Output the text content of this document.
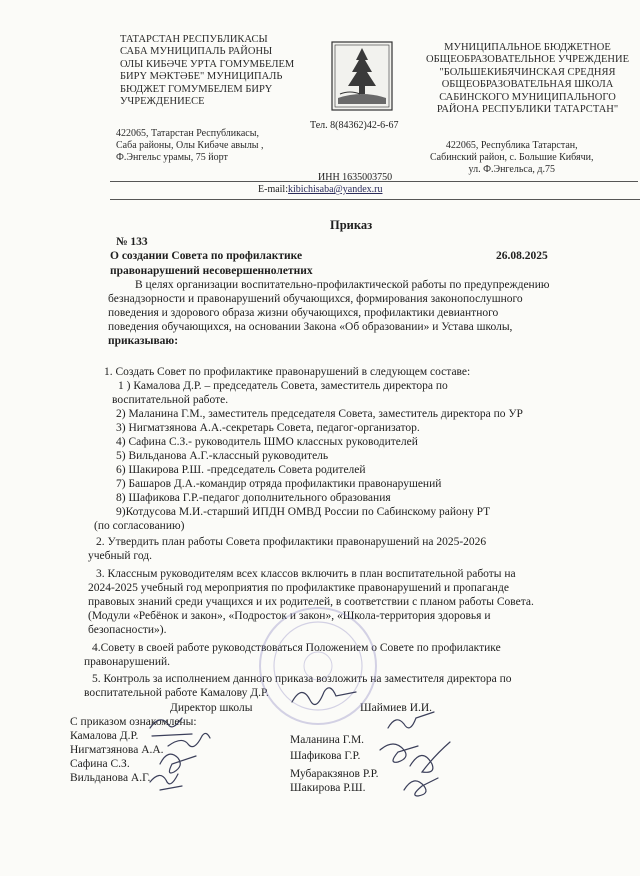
ТАТАРСТАН РЕСПУБЛИКАСЫ
САБА МУНИЦИПАЛЬ РАЙОНЫ
ОЛЫ КИБӘЧЕ УРТА ГОМУМБЕЛЕМ
БИРҮ МӘКТӘБЕ" МУНИЦИПАЛЬ
БЮДЖЕТ ГОМУМБЕЛЕМ БИРҮ
УЧРЕЖДЕНИЕСЕ
МУНИЦИПАЛЬНОЕ БЮДЖЕТНОЕ
ОБЩЕОБРАЗОВАТЕЛЬНОЕ УЧРЕЖДЕНИЕ
"БОЛЬШЕКИБЯЧИНСКАЯ СРЕДНЯЯ
ОБЩЕОБРАЗОВАТЕЛЬНАЯ ШКОЛА
САБИНСКОГО МУНИЦИПАЛЬНОГО
РАЙОНА РЕСПУБЛИКИ ТАТАРСТАН"
Тел. 8(84362)42-6-67
422065, Татарстан Республикасы,
Саба районы, Олы Кибәче авылы ,
Ф.Энгельс урамы, 75 йорт
422065, Республика Татарстан,
Сабинский район, с. Большие Кибячи,
ул. Ф.Энгельса, д.75
ИНН 1635003750
E-mail:kibichisaba@yandex.ru
Приказ
№ 133
О создании Совета по профилактике	26.08.2025
правонарушений несовершеннолетних
В целях организации воспитательно-профилактической работы по предупреждению
безнадзорности и правонарушений обучающихся, формирования законопослушного
поведения и здорового образа жизни обучающихся, профилактики девиантного
поведения обучающихся, на основании Закона «Об образовании» и Устава школы,
приказываю:
1. Создать Совет по профилактике правонарушений в следующем составе:
1 ) Камалова Д.Р. – председатель Совета, заместитель директора по
воспитательной работе.
2) Маланина Г.М., заместитель председателя Совета, заместитель директора по УР
3) Нигматзянова А.А.-секретарь Совета, педагог-организатор.
4) Сафина С.З.- руководитель ШМО классных руководителей
5) Вильданова А.Г.-классный руководитель
6) Шакирова Р.Ш. -председатель Совета родителей
7) Башаров Д.А.-командир отряда профилактики правонарушений
8) Шафикова Г.Р.-педагог дополнительного образования
9)Котдусова М.И.-старший ИПДН ОМВД России по Сабинскому району РТ
(по согласованию)
2. Утвердить план работы Совета профилактики правонарушений на 2025-2026
учебный год.
3. Классным руководителям всех классов включить в план воспитательной работы на
2024-2025 учебный год мероприятия по профилактике правонарушений и пропаганде
правовых знаний среди учащихся и их родителей, в соответствии с планом работы Совета.
(Модули «Ребёнок и закон», «Подросток и закон», «Школа-территория здоровья и
безопасности»).
4.Совету в своей работе руководствоваться Положением о Совете по профилактике
правонарушений.
5. Контроль за исполнением данного приказа возложить на заместителя директора по
воспитательной работе Камалову Д.Р.
Директор школы	Шаймиев И.И.
С приказом ознакомлены:
Камалова Д.Р.
Нигматзянова А.А.
Сафина С.З.
Вильданова А.Г.
Маланина Г.М.
Шафикова Г.Р.
Мубаракзянов Р.Р.
Шакирова Р.Ш.
